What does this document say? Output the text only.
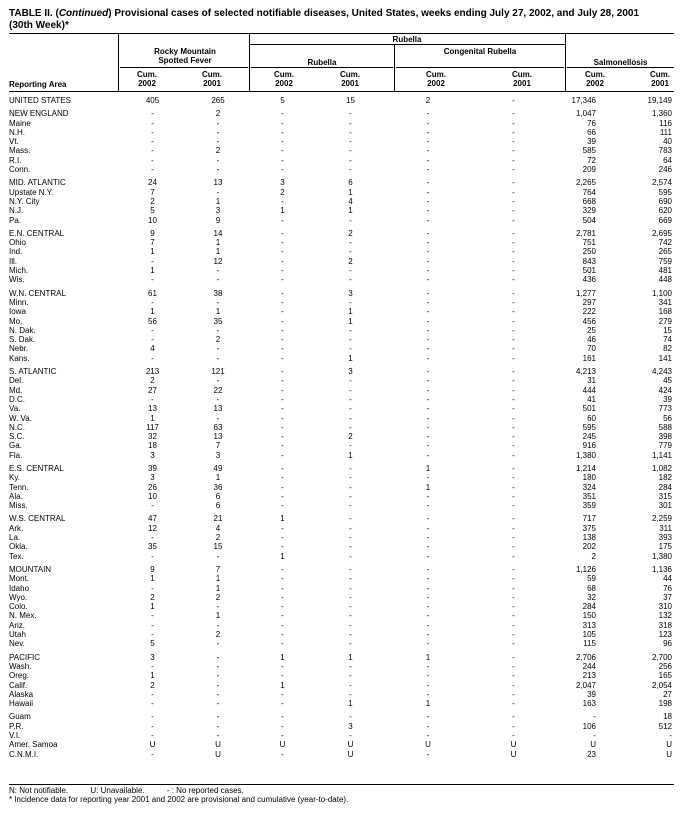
TABLE II. (Continued) Provisional cases of selected notifiable diseases, United States, weeks ending July 27, 2002, and July 28, 2001
(30th Week)*
Rubella
Rocky Mountain Spotted Fever	Rubella
Congenital Rubella
Salmonellosis
Cum. 2002
Cum. 2001
Cum. 2002
Cum. 2001
Cum. 2002
Cum. 2001
Cum. 2002
Cum. 2001
Reporting Area
UNITED STATES	405	265	5	15	2	-	17,346	19,149

NEW ENGLAND	-	2	-	-	-	-	1,047	1,360
Maine	-	-	-	-	-	-	76	116
N.H.	-	-	-	-	-	-	66	111
Vt.	-	-	-	-	-	-	39	40
Mass.	-	2	-	-	-	-	585	783
R.I.	-	-	-	-	-	-	72	64
Conn.	-	-	-	-	-	-	209	246

MID. ATLANTIC	24	13	3	6	-	-	2,265	2,574
Upstate N.Y.	7	-	2	1	-	-	764	595
N.Y. City	2	1	-	4	-	-	668	690
N.J.	5	3	1	1	-	-	329	620
Pa.	10	9	-	-	-	-	504	669

E.N. CENTRAL	9	14	-	2	-	-	2,781	2,695
Ohio	7	1	-	-	-	-	751	742
Ind.	1	1	-	-	-	-	250	265
Ill.	-	12	-	2	-	-	843	759
Mich.	1	-	-	-	-	-	501	481
Wis.	-	-	-	-	-	-	436	448

W.N. CENTRAL	61	38	-	3	-	-	1,277	1,100
Minn.	-	-	-	-	-	-	297	341
Iowa	1	1	-	1	-	-	222	168
Mo.	56	35	-	1	-	-	456	279
N. Dak.	-	-	-	-	-	-	25	15
S. Dak.	-	2	-	-	-	-	46	74
Nebr.	4	-	-	-	-	-	70	82
Kans.	-	-	-	1	-	-	161	141

S. ATLANTIC	213	121	-	3	-	-	4,213	4,243
Del.	2	-	-	-	-	-	31	45
Md.	27	22	-	-	-	-	444	424
D.C.	-	-	-	-	-	-	41	39
Va.	13	13	-	-	-	-	501	773
W. Va.	1	-	-	-	-	-	60	56
N.C.	117	63	-	-	-	-	595	588
S.C.	32	13	-	2	-	-	245	398
Ga.	18	7	-	-	-	-	916	779
Fla.	3	3	-	1	-	-	1,380	1,141

E.S. CENTRAL	39	49	-	-	1	-	1,214	1,082
Ky.	3	1	-	-	-	-	180	182
Tenn.	26	36	-	-	1	-	324	284
Ala.	10	6	-	-	-	-	351	315
Miss.	-	6	-	-	-	-	359	301

W.S. CENTRAL	47	21	1	-	-	-	717	2,259
Ark.	12	4	-	-	-	-	375	311
La.	-	2	-	-	-	-	138	393
Okla.	35	15	-	-	-	-	202	175
Tex.	-	-	1	-	-	-	2	1,380

MOUNTAIN	9	7	-	-	-	-	1,126	1,136
Mont.	1	1	-	-	-	-	59	44
Idaho	-	1	-	-	-	-	68	76
Wyo.	2	2	-	-	-	-	32	37
Colo.	1	-	-	-	-	-	284	310
N. Mex.	-	1	-	-	-	-	150	132
Ariz.	-	-	-	-	-	-	313	318
Utah	-	2	-	-	-	-	105	123
Nev.	5	-	-	-	-	-	115	96

PACIFIC	3	-	1	1	1	-	2,706	2,700
Wash.	-	-	-	-	-	-	244	256
Oreg.	1	-	-	-	-	-	213	165
Calif.	2	-	1	-	-	-	2,047	2,054
Alaska	-	-	-	-	-	-	39	27
Hawaii	-	-	-	1	1	-	163	198

Guam	-	-	-	-	-	-	-	18
P.R.	-	-	-	3	-	-	106	512
V.I.	-	-	-	-	-	-	-	-
Amer. Samoa	U	U	U	U	U	U	U	U
C.N.M.I.	-	U	-	U	-	U	23	U
N: Not notifiable.          U: Unavailable.          - : No reported cases.
* Incidence data for reporting year 2001 and 2002 are provisional and cumulative (year-to-date).
